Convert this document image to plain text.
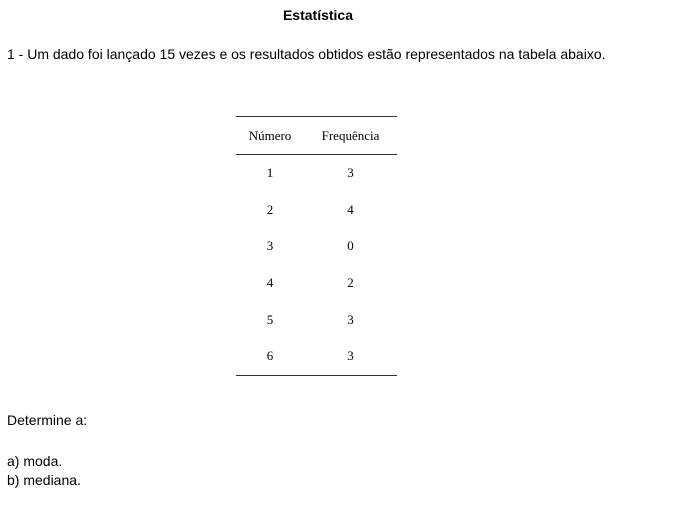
Estatística
1 - Um dado foi lançado 15 vezes e os resultados obtidos estão representados na tabela abaixo.
Número	Frequência
1	3
2	4
3	0
4	2
5	3
6	3
Determine a:
a) moda.
b) mediana.
